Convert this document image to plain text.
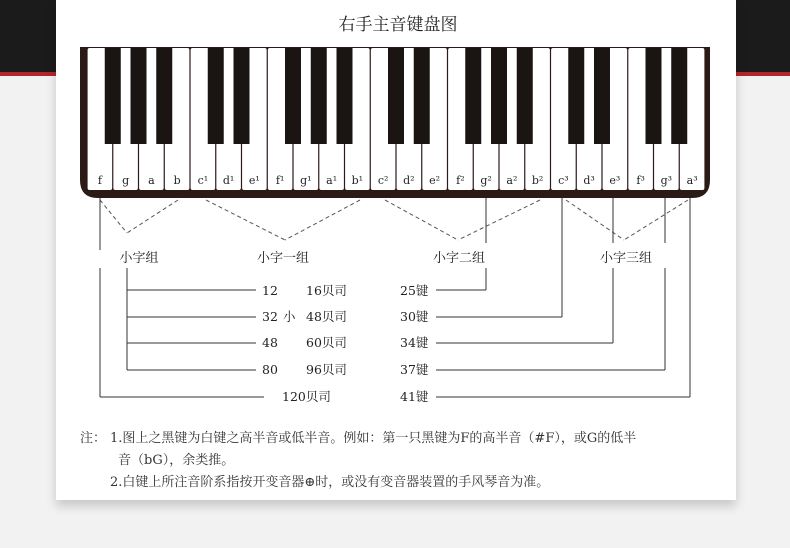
右手主音键盘图
f g a b c¹ d¹ e¹ f¹ g¹ a¹ b¹ c² d² e² f² g² a² b² c³ d³ e³ f³ g³ a³
小字组	小字一组	小字二组	小字三组
12 16贝司	25键
32 小 48贝司	30键
48 60贝司	34键
80 96贝司	37键
120贝司	41键
注： 1.图上之黑键为白键之高半音或低半音。例如：第一只黑键为F的高半音（#F），或G的低半
音（bG），余类推。
2.白键上所注音阶系指按开变音器⊕时，或没有变音器装置的手风琴音为准。
